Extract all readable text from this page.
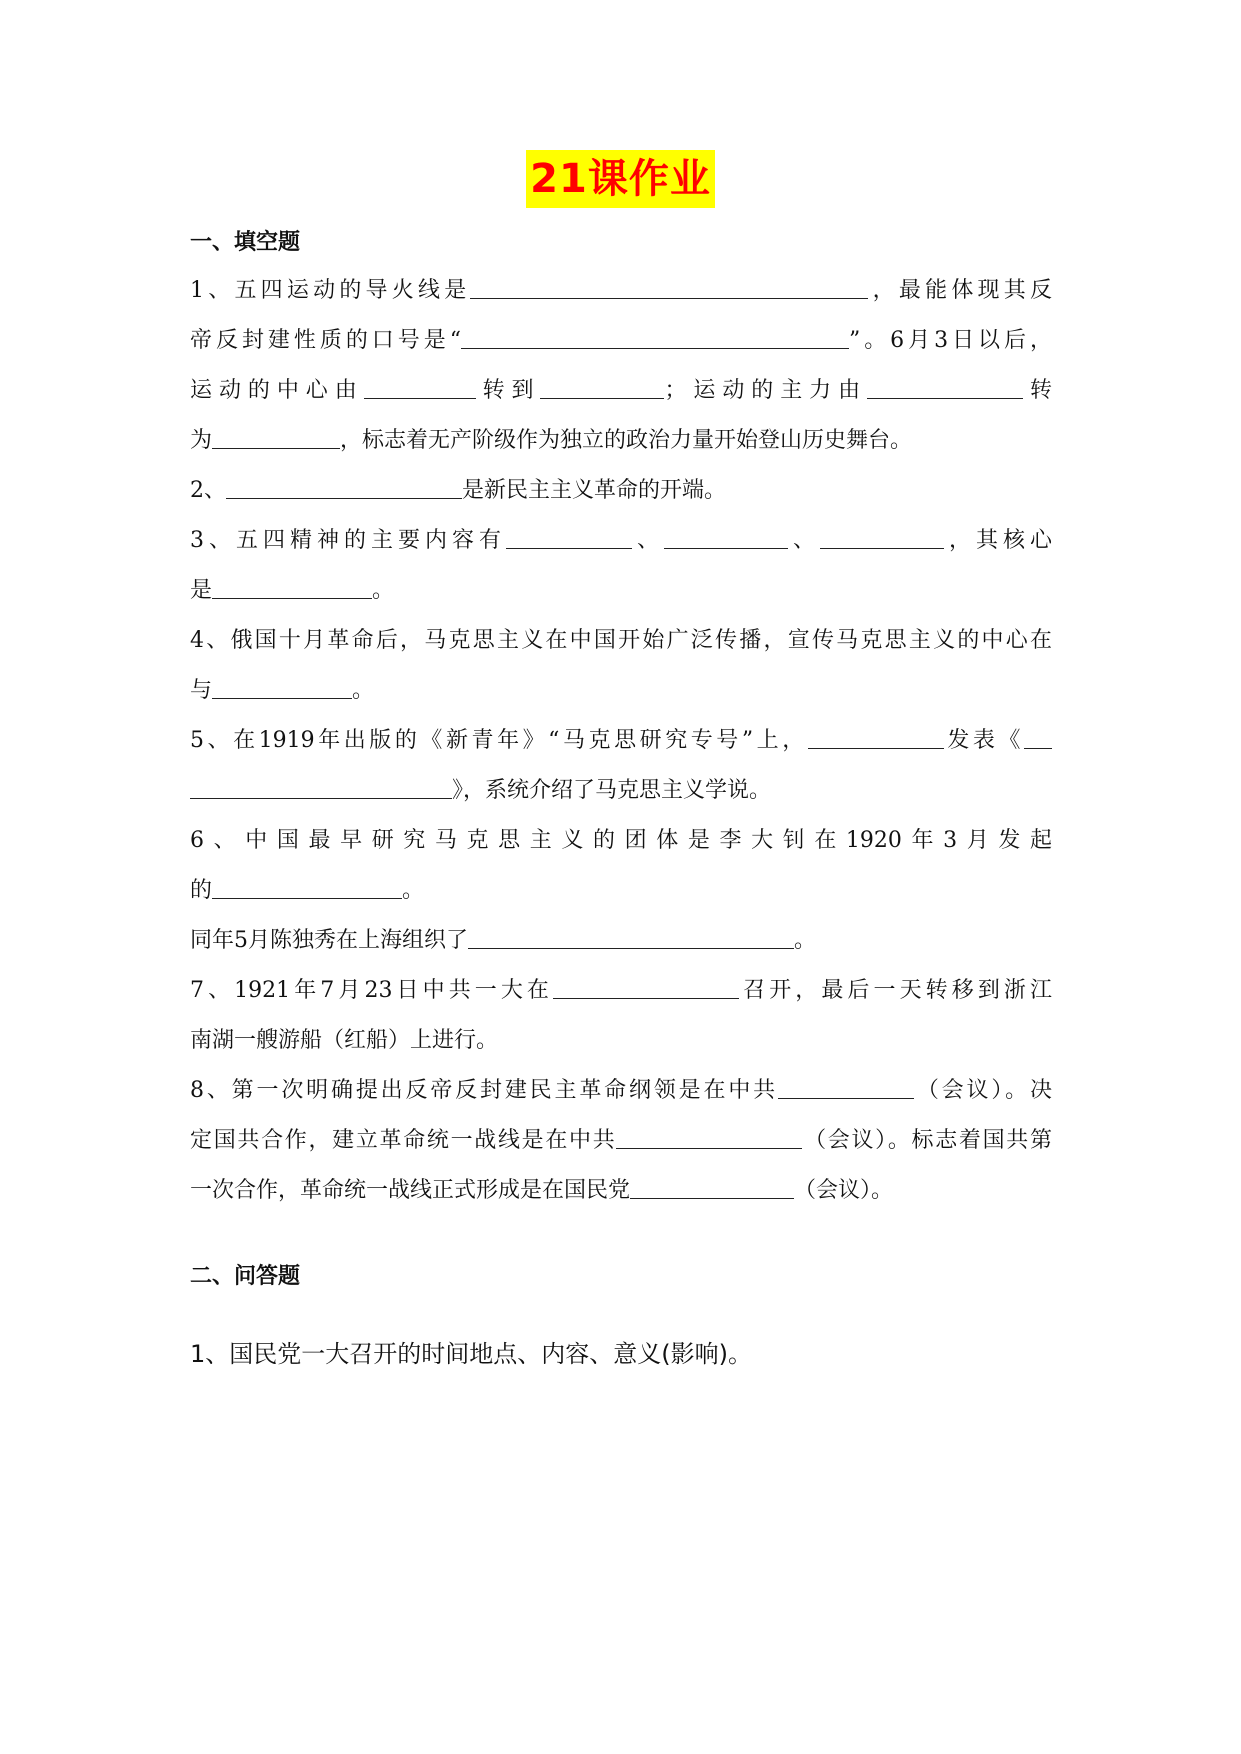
21课作业
一、填空题
1、五四运动的导火线是	，最能体现其反
帝反封建性质的口号是“	”。6月3日以后，
运动的中心由	转到	；运动的主力由	转
为	，标志着无产阶级作为独立的政治力量开始登山历史舞台。
2、	是新民主主义革命的开端。
3、五四精神的主要内容有	、	、	，其核心
是	。
4、俄国十月革命后，马克思主义在中国开始广泛传播，宣传马克思主义的中心在
与	。
5、在1919年出版的《新青年》“马克思研究专号”上，	发表《
》，系统介绍了马克思主义学说。
6、中国最早研究马克思主义的团体是李大钊在1920年3月发起
的	。
同年5月陈独秀在上海组织了	。
7、1921年7月23日中共一大在	召开，最后一天转移到浙江
南湖一艘游船（红船）上进行。
8、第一次明确提出反帝反封建民主革命纲领是在中共	（会议）。决
定国共合作，建立革命统一战线是在中共	（会议）。标志着国共第
一次合作，革命统一战线正式形成是在国民党	（会议）。
二、问答题
1、国民党一大召开的时间地点、内容、意义(影响)。
